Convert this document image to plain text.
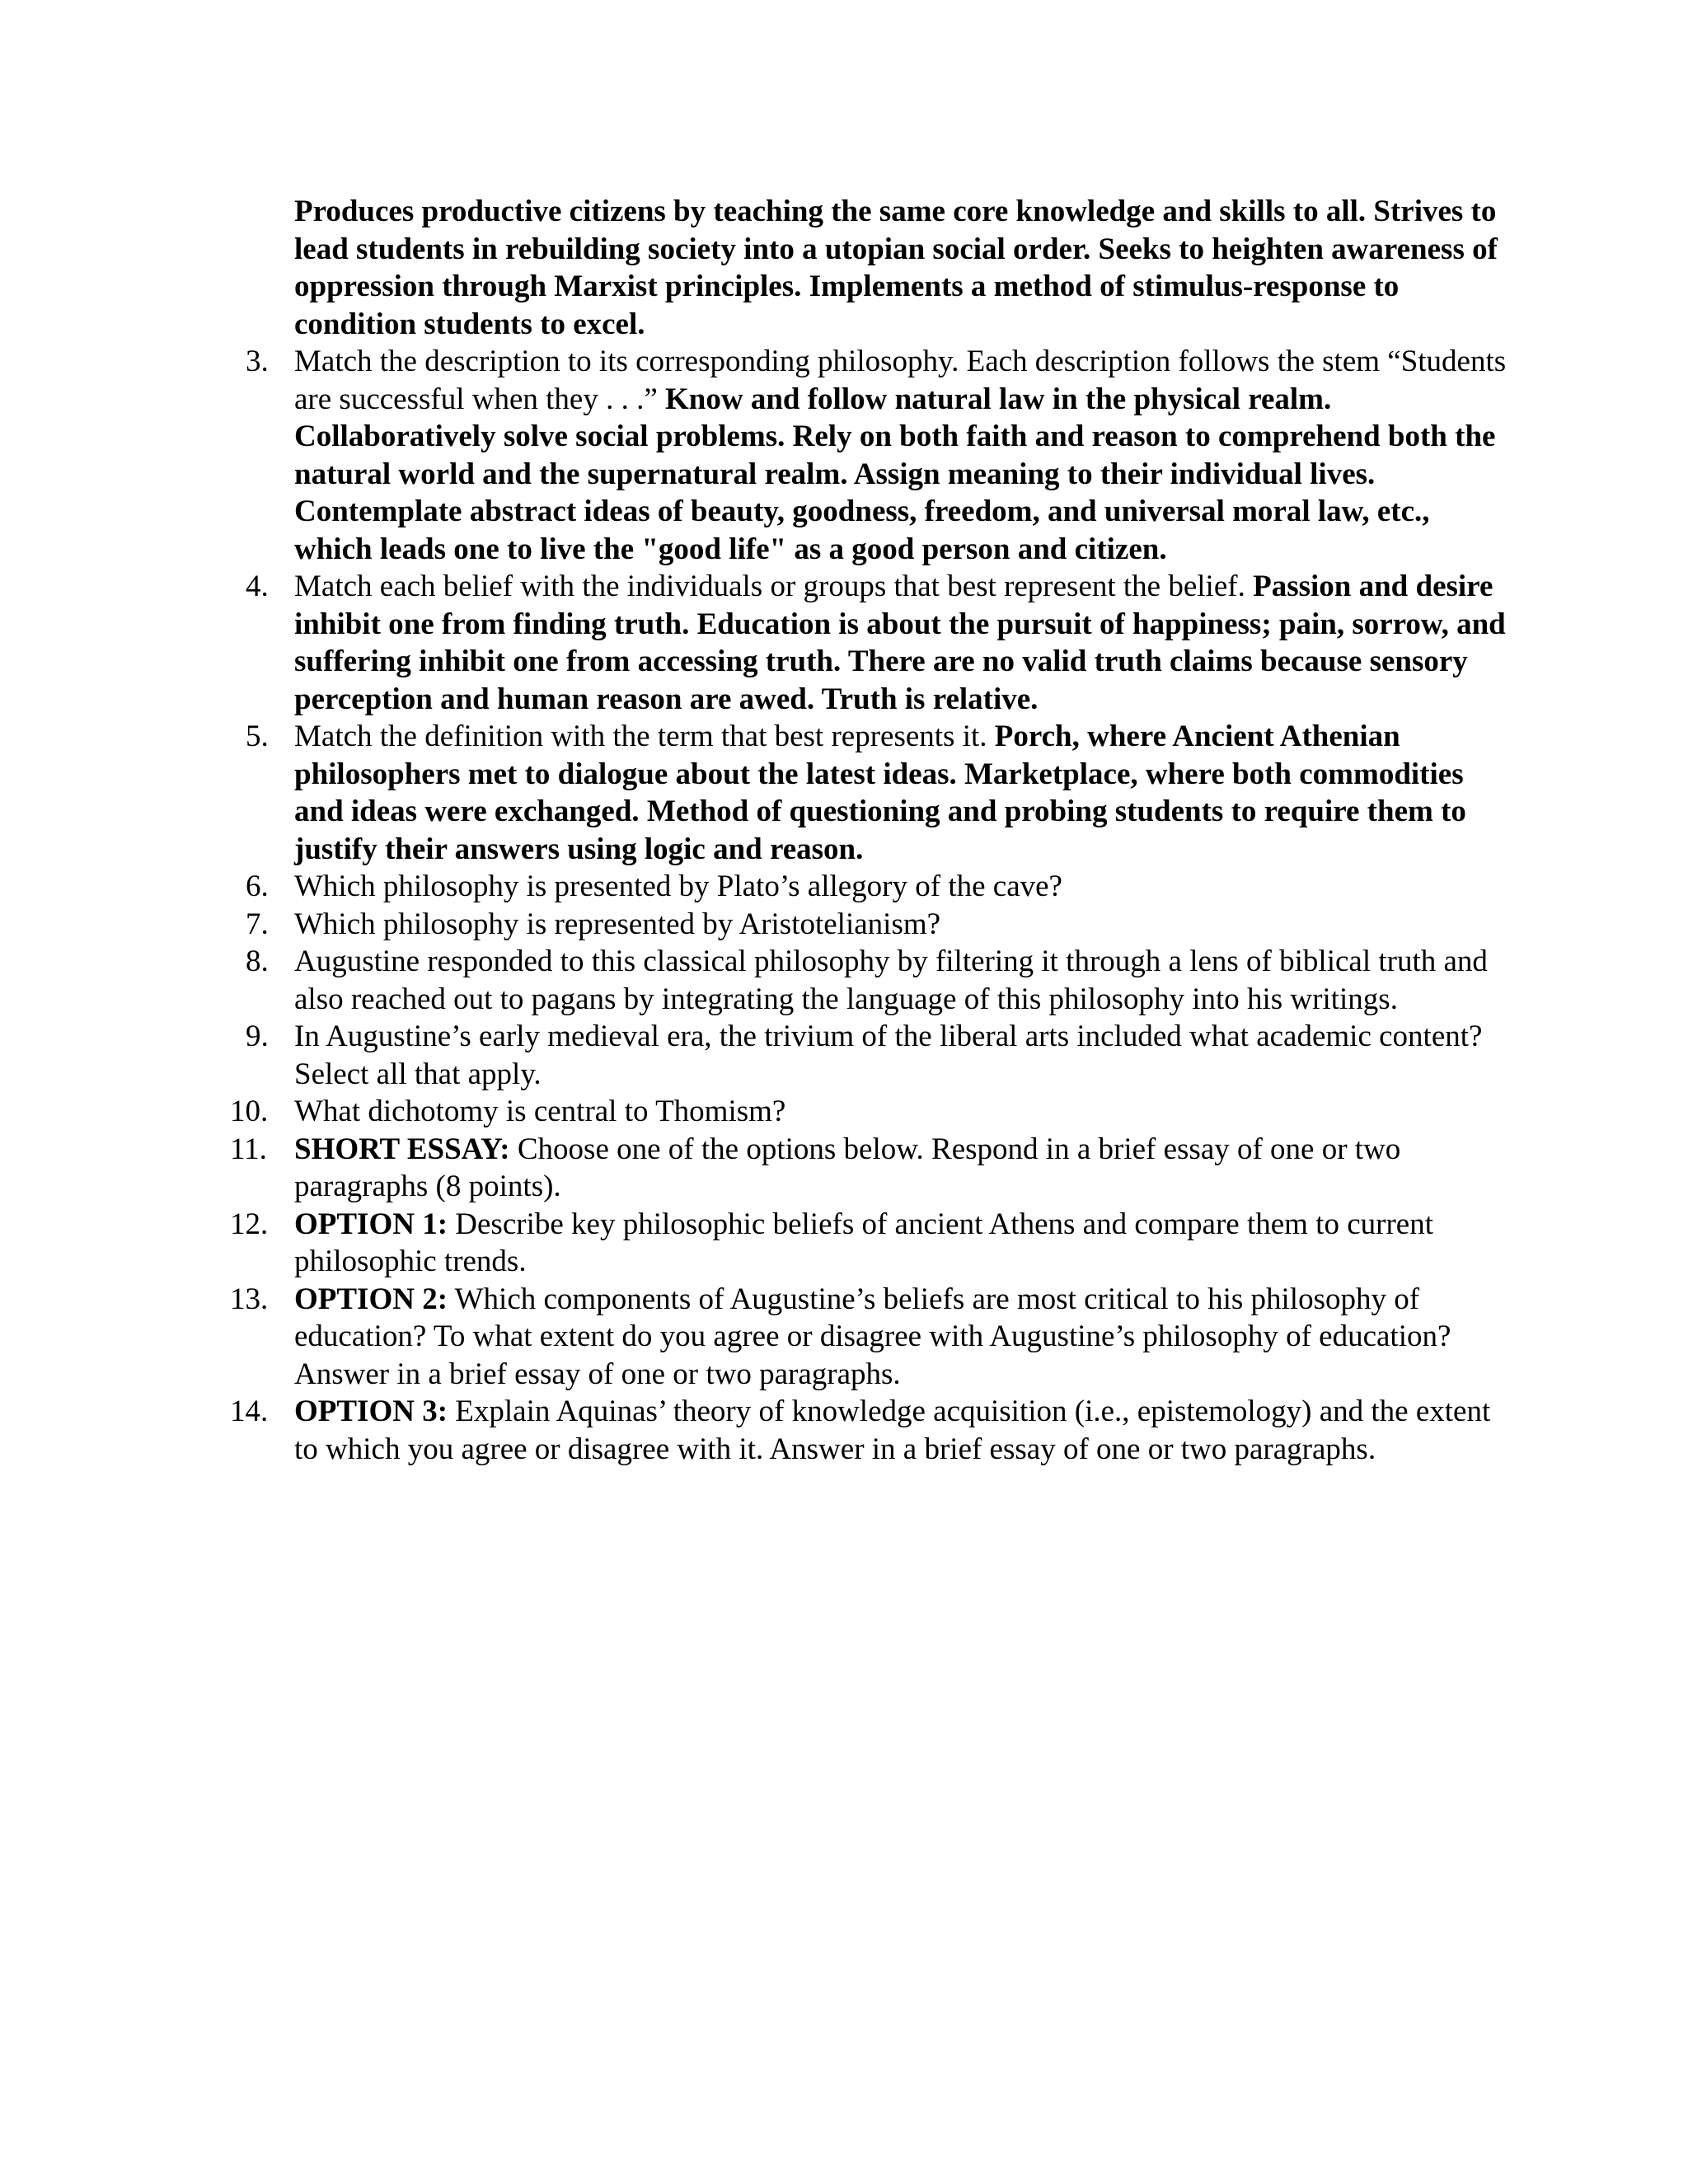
Produces productive citizens by teaching the same core knowledge and skills to all. Strives to lead students in rebuilding society into a utopian social order. Seeks to heighten awareness of oppression through Marxist principles. Implements a method of stimulus-response to condition students to excel.
3. Match the description to its corresponding philosophy. Each description follows the stem “Students are successful when they . . .” Know and follow natural law in the physical realm. Collaboratively solve social problems. Rely on both faith and reason to comprehend both the natural world and the supernatural realm. Assign meaning to their individual lives. Contemplate abstract ideas of beauty, goodness, freedom, and universal moral law, etc., which leads one to live the "good life" as a good person and citizen.
4. Match each belief with the individuals or groups that best represent the belief. Passion and desire inhibit one from finding truth. Education is about the pursuit of happiness; pain, sorrow, and suffering inhibit one from accessing truth. There are no valid truth claims because sensory perception and human reason are awed. Truth is relative.
5. Match the definition with the term that best represents it. Porch, where Ancient Athenian philosophers met to dialogue about the latest ideas. Marketplace, where both commodities and ideas were exchanged. Method of questioning and probing students to require them to justify their answers using logic and reason.
6. Which philosophy is presented by Plato’s allegory of the cave?
7. Which philosophy is represented by Aristotelianism?
8. Augustine responded to this classical philosophy by filtering it through a lens of biblical truth and also reached out to pagans by integrating the language of this philosophy into his writings.
9. In Augustine’s early medieval era, the trivium of the liberal arts included what academic content? Select all that apply.
10. What dichotomy is central to Thomism?
11. SHORT ESSAY: Choose one of the options below. Respond in a brief essay of one or two paragraphs (8 points).
12. OPTION 1: Describe key philosophic beliefs of ancient Athens and compare them to current philosophic trends.
13. OPTION 2: Which components of Augustine’s beliefs are most critical to his philosophy of education? To what extent do you agree or disagree with Augustine’s philosophy of education? Answer in a brief essay of one or two paragraphs.
14. OPTION 3: Explain Aquinas’ theory of knowledge acquisition (i.e., epistemology) and the extent to which you agree or disagree with it. Answer in a brief essay of one or two paragraphs.
